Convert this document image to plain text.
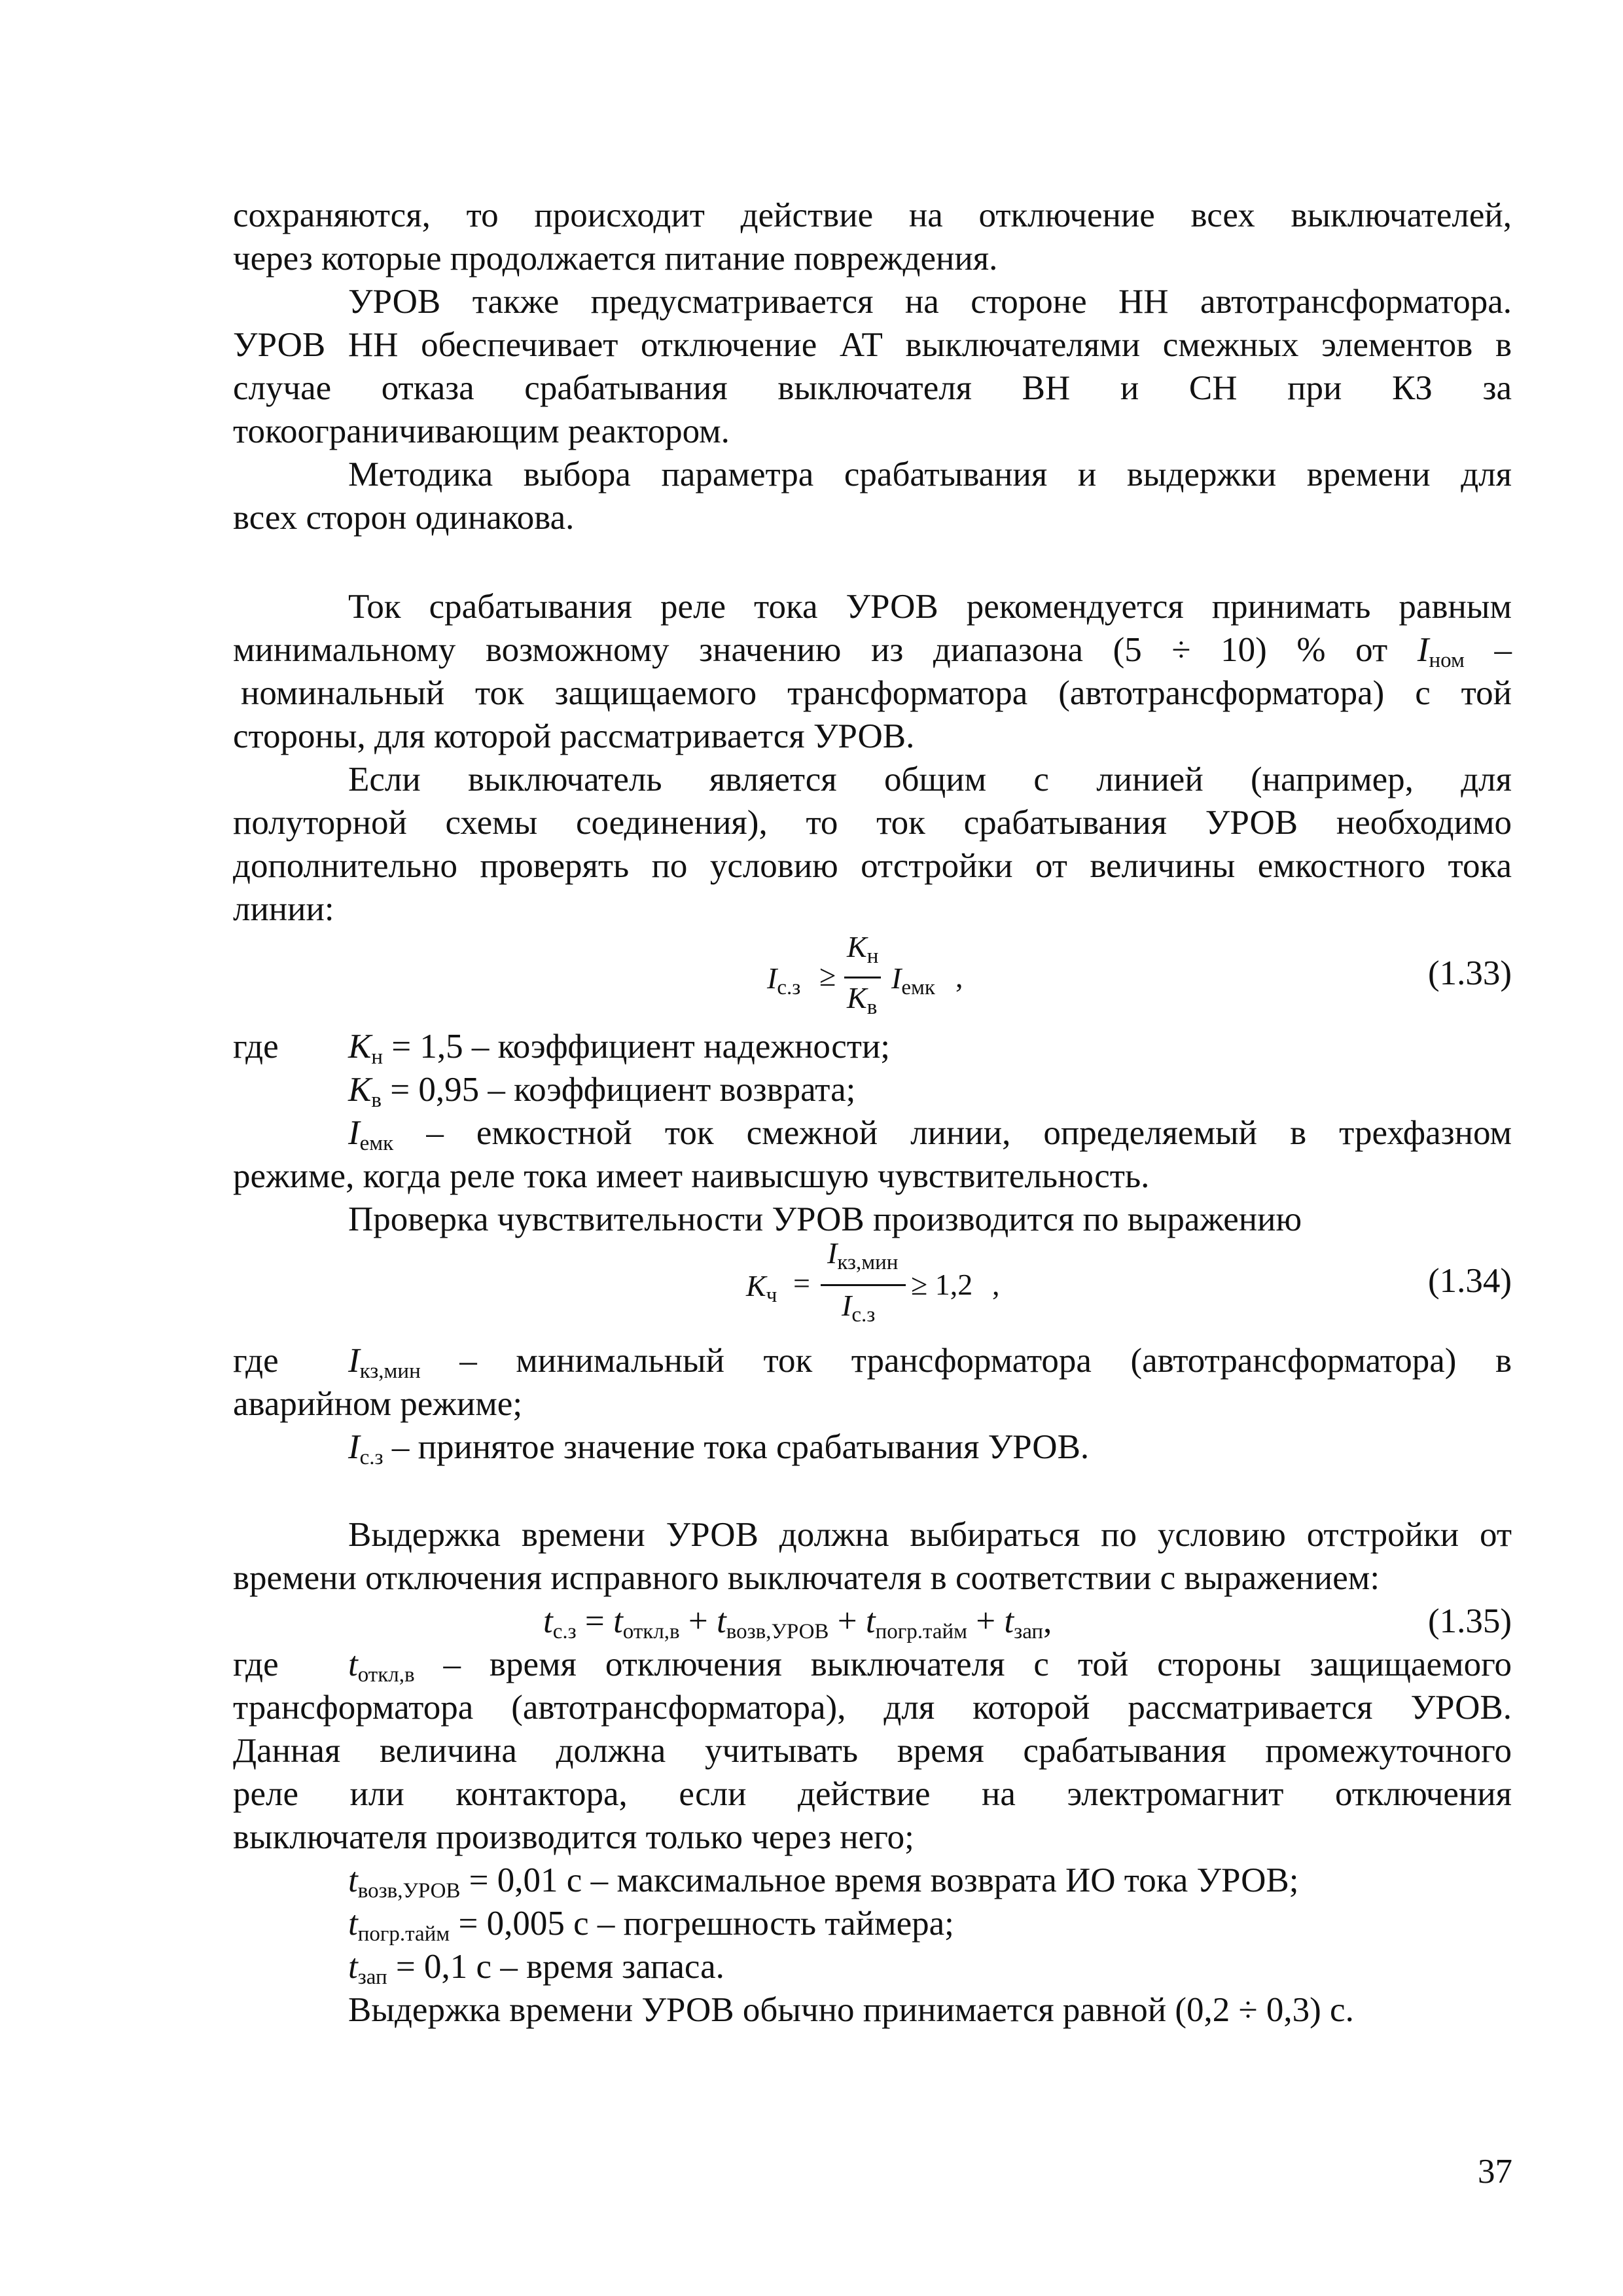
сохраняются, то происходит действие на отключение всех выключателей,
через которые продолжается питание повреждения.
УРОВ также предусматривается на стороне НН автотрансформатора.
УРОВ НН обеспечивает отключение АТ выключателями смежных элементов в
случае отказа срабатывания выключателя ВН и СН при КЗ за
токоограничивающим реактором.
Методика выбора параметра срабатывания и выдержки времени для
всех сторон одинакова.
Ток срабатывания реле тока УРОВ рекомендуется принимать равным
минимальному возможному значению из диапазона (5 ÷ 10) % от $I_{ном}$ –
номинальный ток защищаемого трансформатора (автотрансформатора) с той
стороны, для которой рассматривается УРОВ.
Если выключатель является общим с линией (например, для
полуторной схемы соединения), то ток срабатывания УРОВ необходимо
дополнительно проверять по условию отстройки от величины емкостного тока
линии:
$I_{с.з}$ ≥
$K_н$
$K_в$
$I_{емк}$ ,	(1.33)
где $K_н = 1,5$ – коэффициент надежности;
$K_в = 0,95$ – коэффициент возврата;
$I_{емк}$ – емкостной ток смежной линии, определяемый в трехфазном
режиме, когда реле тока имеет наивысшую чувствительность.
Проверка чувствительности УРОВ производится по выражению
$K_ч$ =
$I_{кз,мин}$
$I_{с.з}$
≥ 1,2 ,	(1.34)
где $I_{кз,мин}$ – минимальный ток трансформатора (автотрансформатора) в
аварийном режиме;
$I_{с.з}$ – принятое значение тока срабатывания УРОВ.
Выдержка времени УРОВ должна выбираться по условию отстройки от
времени отключения исправного выключателя в соответствии с выражением:
$t_{с.з} = t_{откл,в} + t_{возв,УРОВ} + t_{погр.тайм} + t_{зап}$,	(1.35)
где $t_{откл,в}$ – время отключения выключателя с той стороны защищаемого
трансформатора (автотрансформатора), для которой рассматривается УРОВ.
Данная величина должна учитывать время срабатывания промежуточного
реле или контактора, если действие на электромагнит отключения
выключателя производится только через него;
$t_{возв,УРОВ} = 0,01$ с – максимальное время возврата ИО тока УРОВ;
$t_{погр.тайм} = 0,005$ с – погрешность таймера;
$t_{зап} = 0,1$ с – время запаса.
Выдержка времени УРОВ обычно принимается равной (0,2 ÷ 0,3) с.
37
